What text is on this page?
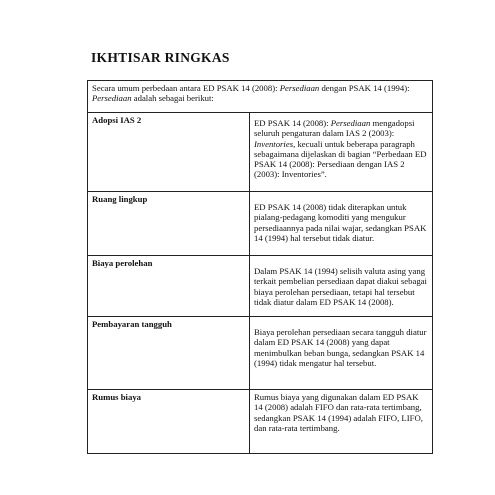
IKHTISAR RINGKAS
Secara umum perbedaan antara ED PSAK 14 (2008): Persediaan dengan PSAK 14 (1994): Persediaan adalah sebagai berikut:	
Adopsi IAS 2	ED PSAK 14 (2008): Persediaan mengadopsi seluruh pengaturan dalam IAS 2 (2003): Inventories, kecuali untuk beberapa paragraph sebagaimana dijelaskan di bagian “Perbedaan ED PSAK 14 (2008): Persediaan dengan IAS 2 (2003): Inventories”.

Ruang lingkup	ED PSAK 14 (2008) tidak diterapkan untuk pialang-pedagang komoditi yang mengukur persediaannya pada nilai wajar, sedangkan PSAK 14 (1994) hal tersebut tidak diatur.

Biaya perolehan	Dalam PSAK 14 (1994) selisih valuta asing yang terkait pembelian persediaan dapat diakui sebagai biaya perolehan persediaan, tetapi hal tersebut tidak diatur dalam ED PSAK 14 (2008).

Pembayaran tangguh	Biaya perolehan persediaan secara tangguh diatur dalam ED PSAK 14 (2008) yang dapat menimbulkan beban bunga, sedangkan PSAK 14 (1994) tidak mengatur hal tersebut.

Rumus biaya	Rumus biaya yang digunakan dalam ED PSAK 14 (2008) adalah FIFO dan rata-rata tertimbang, sedangkan PSAK 14 (1994) adalah FIFO, LIFO, dan rata-rata tertimbang.
